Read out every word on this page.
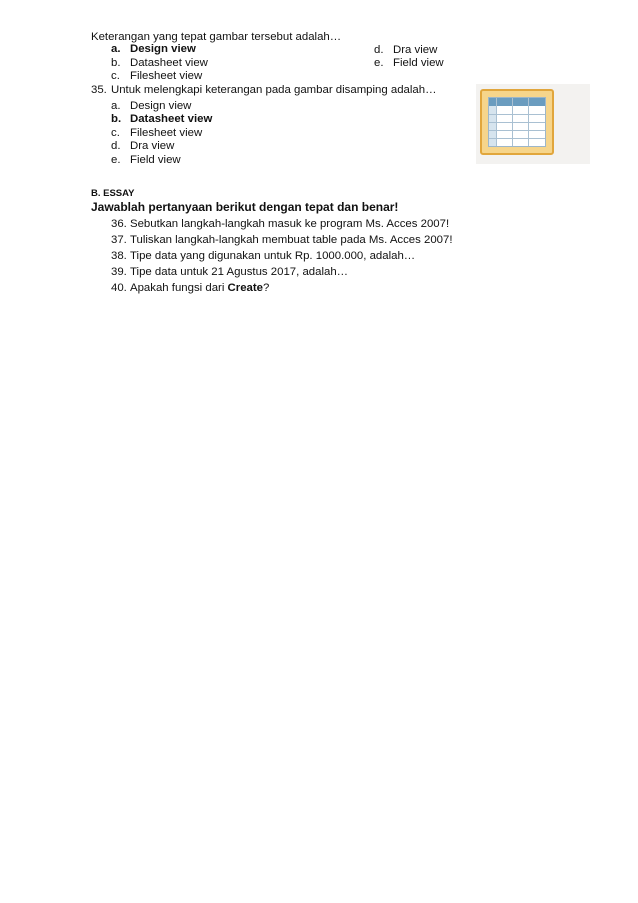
Keterangan yang tepat gambar tersebut adalah…
a. Design view
b. Datasheet view
c. Filesheet view
d. Dra view
e. Field view
35. Untuk melengkapi keterangan pada gambar disamping adalah…
a. Design view
b. Datasheet view
c. Filesheet view
d. Dra view
e. Field view
B. ESSAY
Jawablah pertanyaan berikut dengan tepat dan benar!
36. Sebutkan langkah-langkah masuk ke program Ms. Acces 2007!
37. Tuliskan langkah-langkah membuat table pada Ms. Acces 2007!
38. Tipe data yang digunakan untuk Rp. 1000.000, adalah…
39. Tipe data untuk 21 Agustus 2017, adalah…
40. Apakah fungsi dari Create?
